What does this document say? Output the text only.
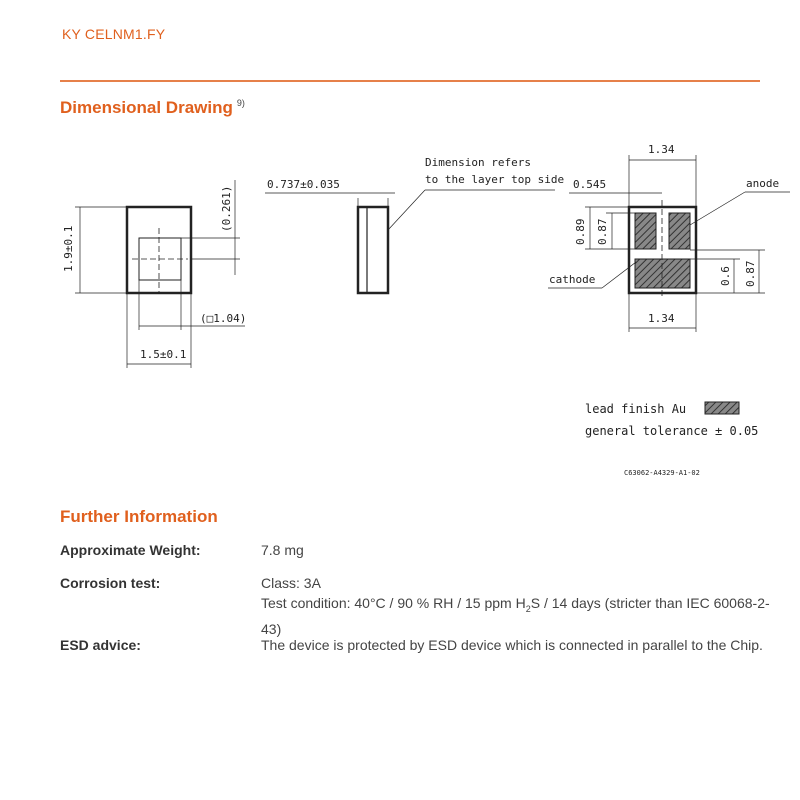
KY CELNM1.FY
Dimensional Drawing $^{9)}$
1.9±0.1
(0.261)
(□1.04)
1.5±0.1
0.737±0.035
Dimension refers
to the layer top side
1.34
0.545	anode
cathode
0.89 0.87
0.6 0.87
1.34
lead finish Au
general tolerance ± 0.05
C63062-A4329-A1-02
Further Information
Approximate Weight:	7.8 mg
Corrosion test:	Class: 3A
Test condition: 40°C / 90 % RH / 15 ppm $H_2S / 14$ days (stricter than IEC 60068-2-43)
ESD advice:	The device is protected by ESD device which is connected in parallel to the Chip.
